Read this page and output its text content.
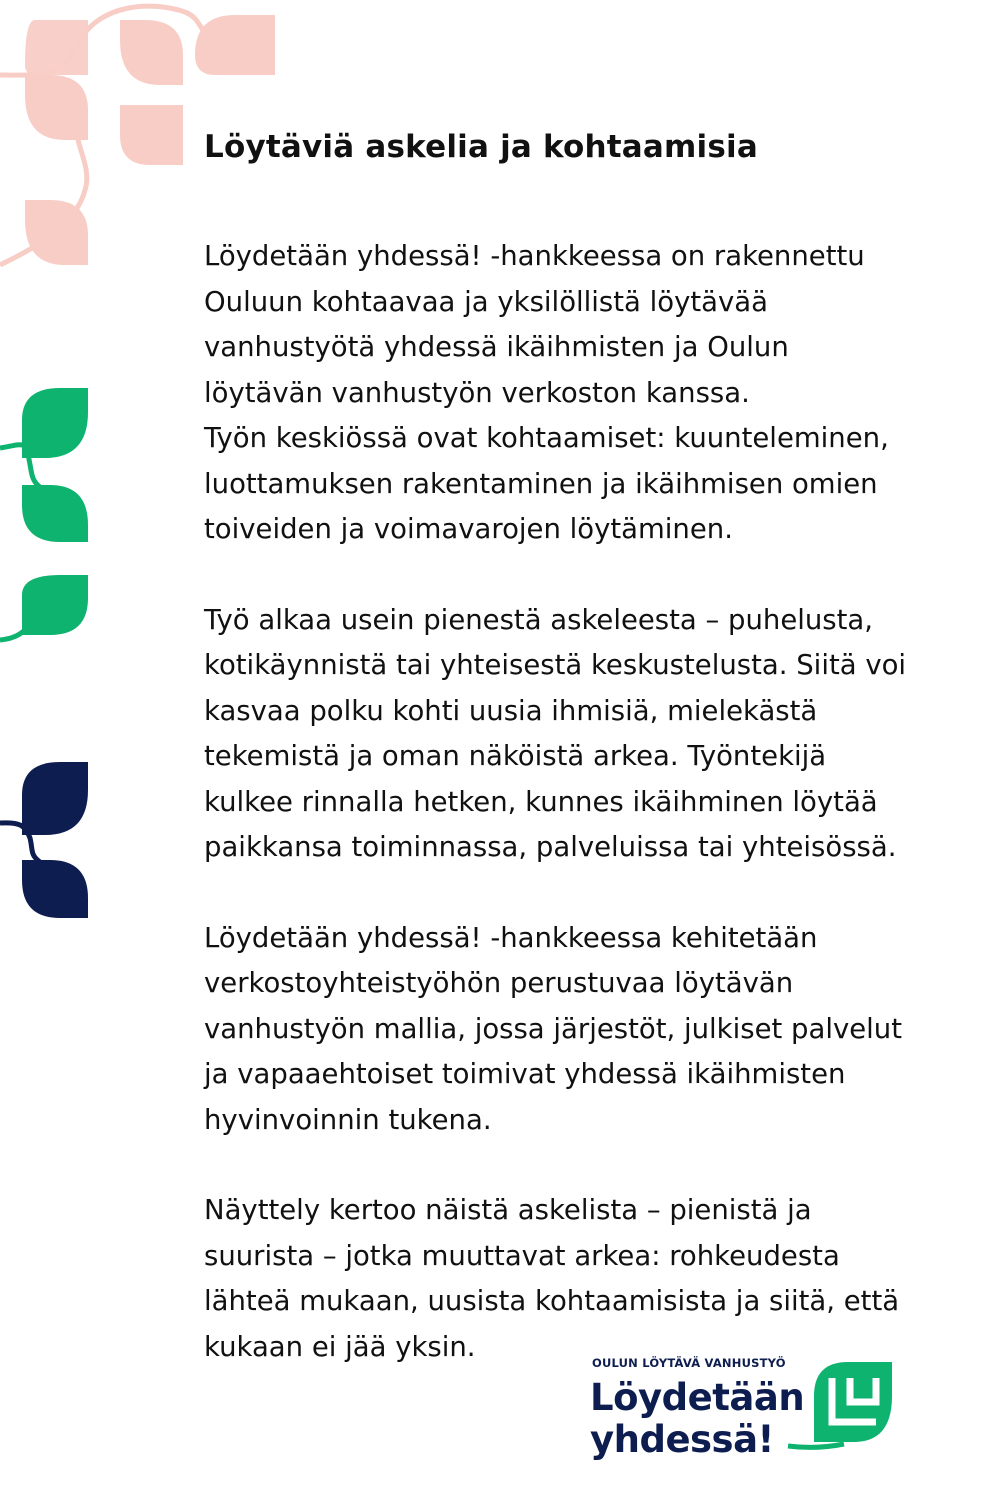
Löytäviä askelia ja kohtaamisia

Löydetään yhdessä! -hankkeessa on rakennettu
Ouluun kohtaavaa ja yksilöllistä löytävää
vanhustyötä yhdessä ikäihmisten ja Oulun
löytävän vanhustyön verkoston kanssa.
Työn keskiössä ovat kohtaamiset: kuunteleminen,
luottamuksen rakentaminen ja ikäihmisen omien
toiveiden ja voimavarojen löytäminen.

Työ alkaa usein pienestä askeleesta – puhelusta,
kotikäynnistä tai yhteisestä keskustelusta. Siitä voi
kasvaa polku kohti uusia ihmisiä, mielekästä
tekemistä ja oman näköistä arkea. Työntekijä
kulkee rinnalla hetken, kunnes ikäihminen löytää
paikkansa toiminnassa, palveluissa tai yhteisössä.

Löydetään yhdessä! -hankkeessa kehitetään
verkostoyhteistyöhön perustuvaa löytävän
vanhustyön mallia, jossa järjestöt, julkiset palvelut
ja vapaaehtoiset toimivat yhdessä ikäihmisten
hyvinvoinnin tukena.

Näyttely kertoo näistä askelista – pienistä ja
suurista – jotka muuttavat arkea: rohkeudesta
lähteä mukaan, uusista kohtaamisista ja siitä, että
kukaan ei jää yksin.

OULUN LÖYTÄVÄ VANHUSTYÖ
Löydetään
yhdessä!
